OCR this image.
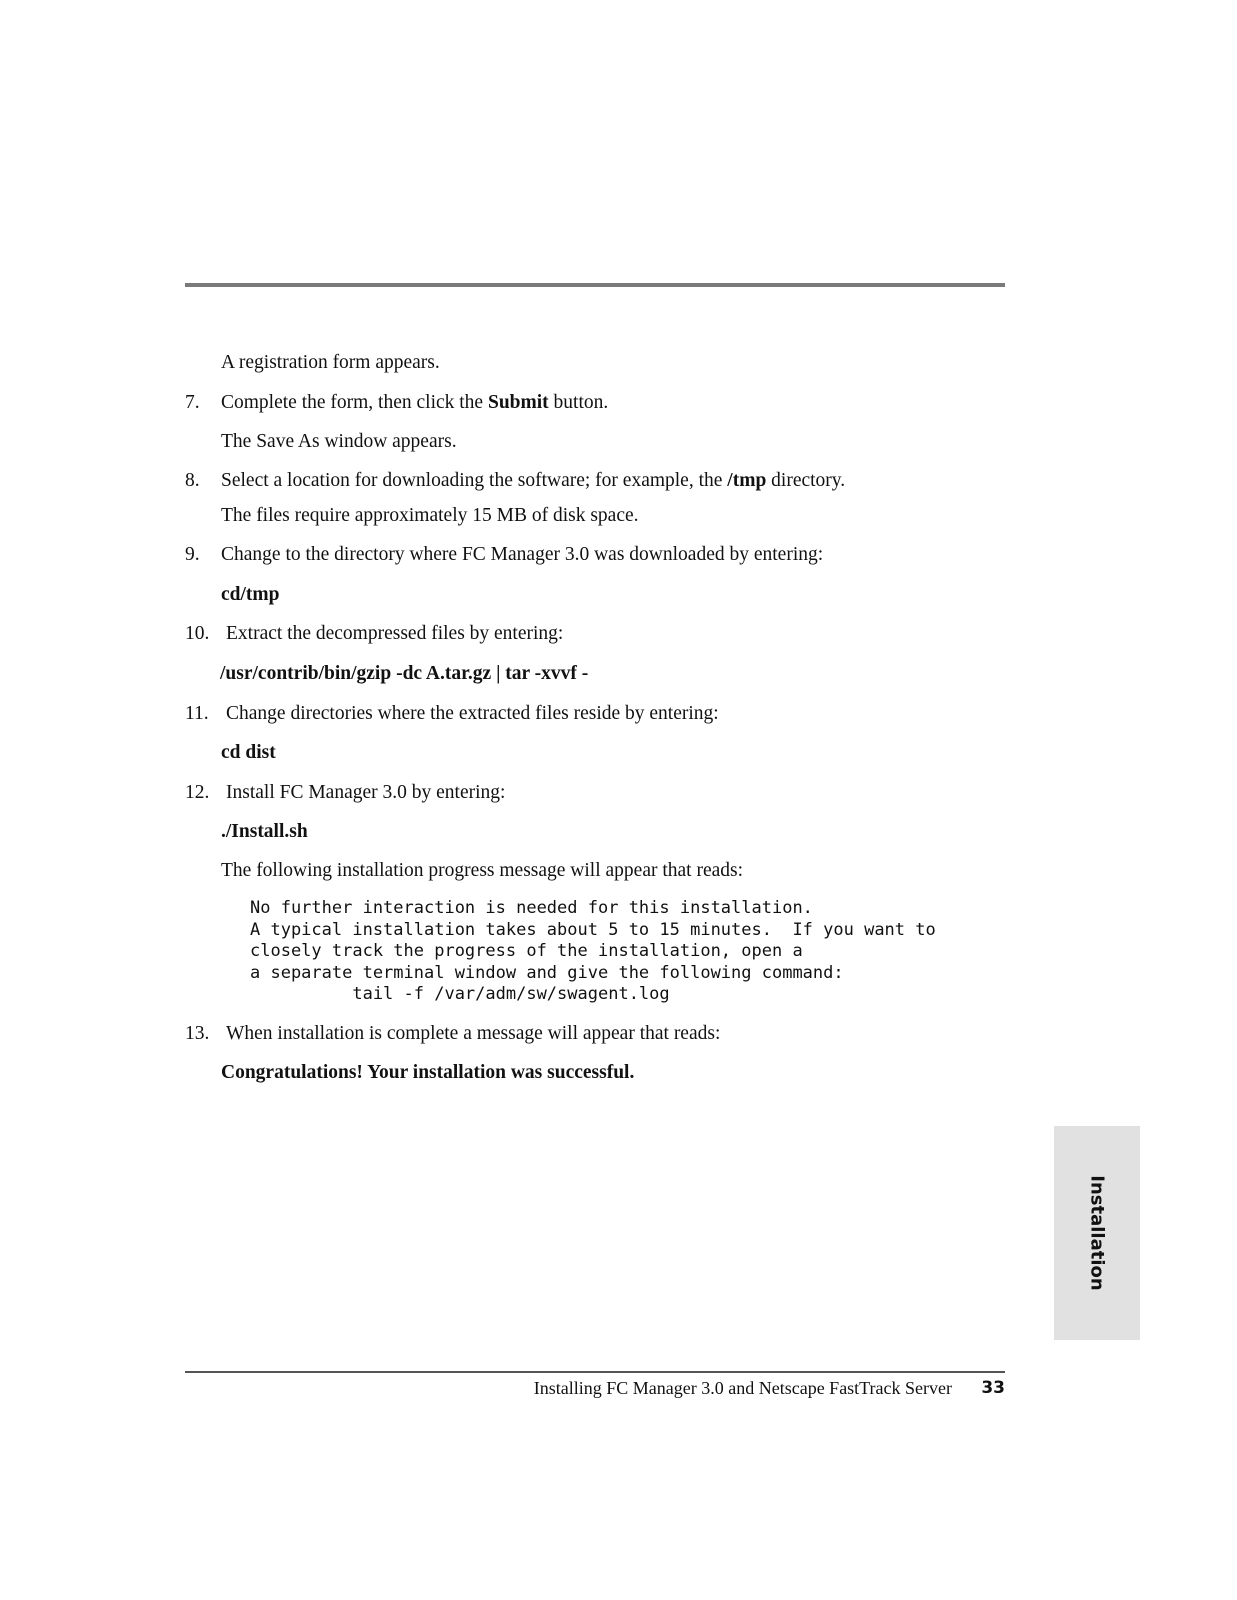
A registration form appears.
7. Complete the form, then click the Submit button.
The Save As window appears.
8. Select a location for downloading the software; for example, the /tmp directory.
The files require approximately 15 MB of disk space.
9. Change to the directory where FC Manager 3.0 was downloaded by entering:
cd/tmp
10. Extract the decompressed files by entering:
/usr/contrib/bin/gzip -dc A.tar.gz | tar -xvvf -
11. Change directories where the extracted files reside by entering:
cd dist
12. Install FC Manager 3.0 by entering:
./Install.sh
The following installation progress message will appear that reads:
No further interaction is needed for this installation.
A typical installation takes about 5 to 15 minutes.  If you want to
closely track the progress of the installation, open a
a separate terminal window and give the following command:
tail -f /var/adm/sw/swagent.log
13. When installation is complete a message will appear that reads:
Congratulations! Your installation was successful.
Installation
Installing FC Manager 3.0 and Netscape FastTrack Server 33
